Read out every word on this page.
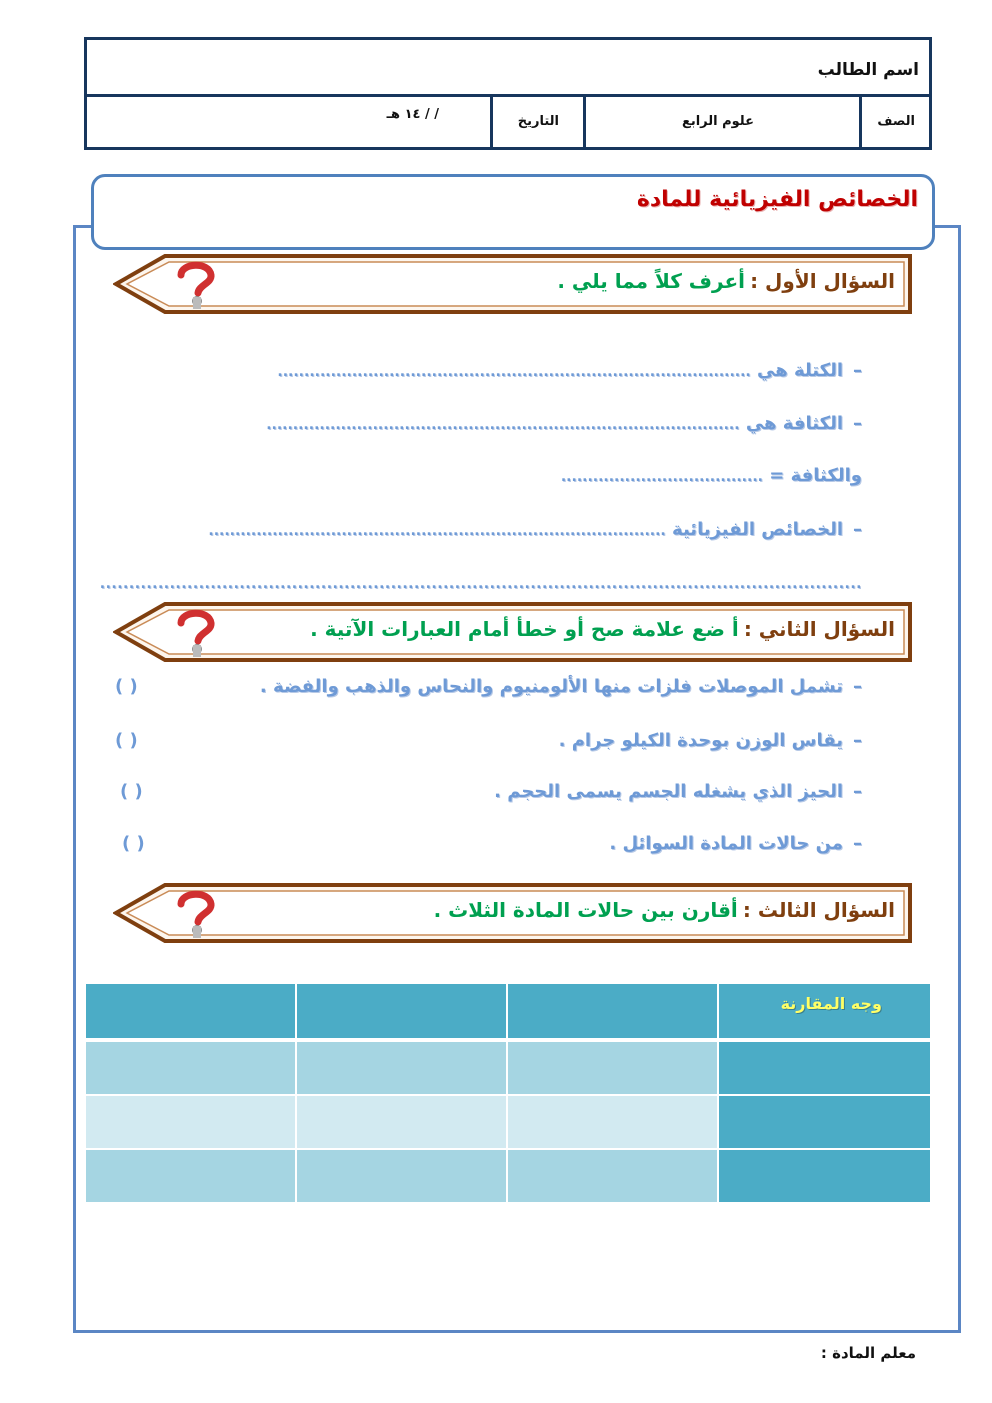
اسم الطالب
الصف
علوم الرابع
التاريخ
/ / ١٤ هـ
الخصائص الفيزيائية للمادة
السؤال الأول : أعرف كلاً مما يلي .
–الكتلة هي .........................................................................................
–الكثافة هي .........................................................................................
والكثافة = ......................................
–الخصائص الفيزيائية ......................................................................................
...................................................................................................................................
السؤال الثاني : أ ضع علامة صح أو خطأ أمام العبارات الآتية .
–تشمل الموصلات فلزات منها الألومنيوم والنحاس والذهب والفضة .
( )
–يقاس الوزن بوحدة الكيلو جرام .
( )
–الحيز الذي يشغله الجسم يسمى الحجم .
( )
–من حالات المادة السوائل .
( )
السؤال الثالث : أقارن بين حالات المادة الثلاث .
وجه المقارنة
معلم المادة :
